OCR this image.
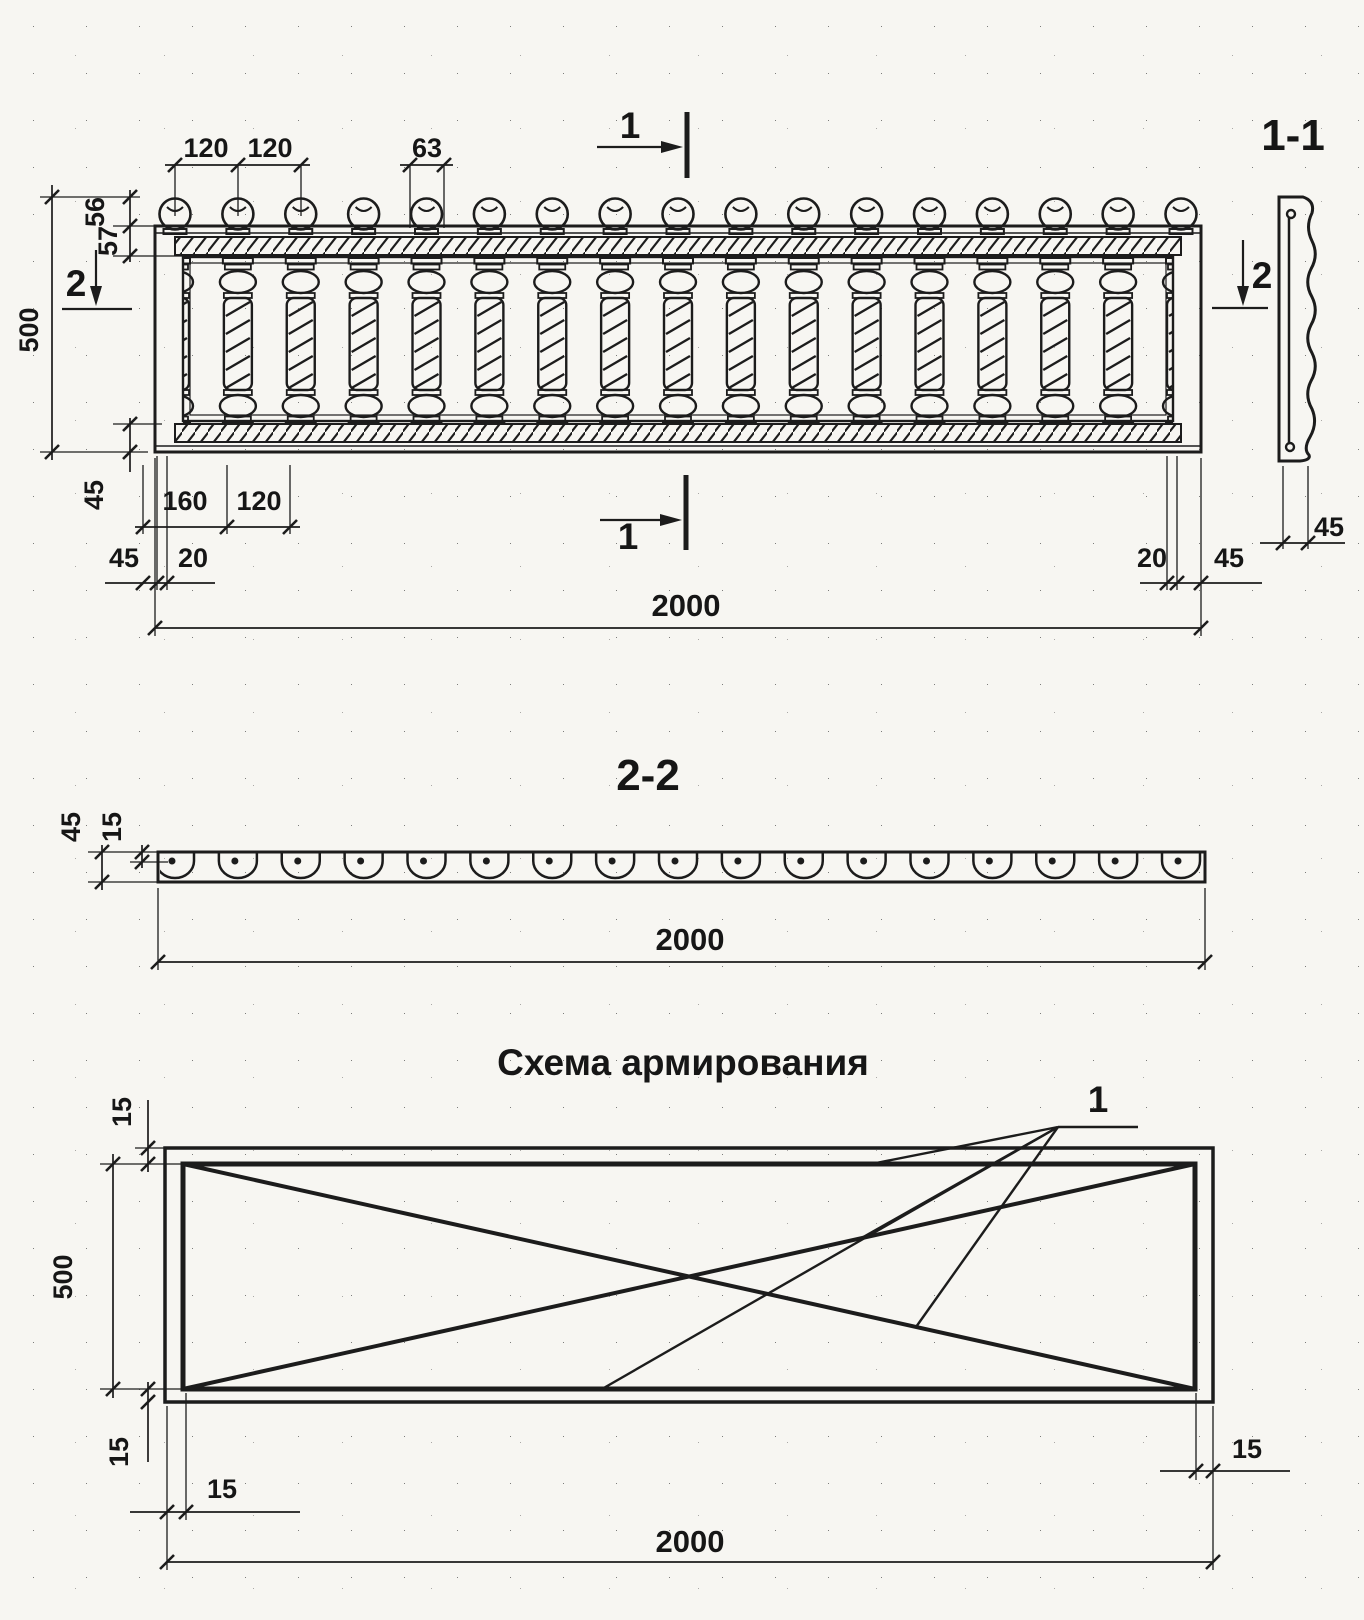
120 120	63
56
57
500
45 160 120
45 20	20 45
2000
1
1
2	2
1-1
45
2-2
45 15
2000
Схема армирования
1
500
15
15
15
15
2000
